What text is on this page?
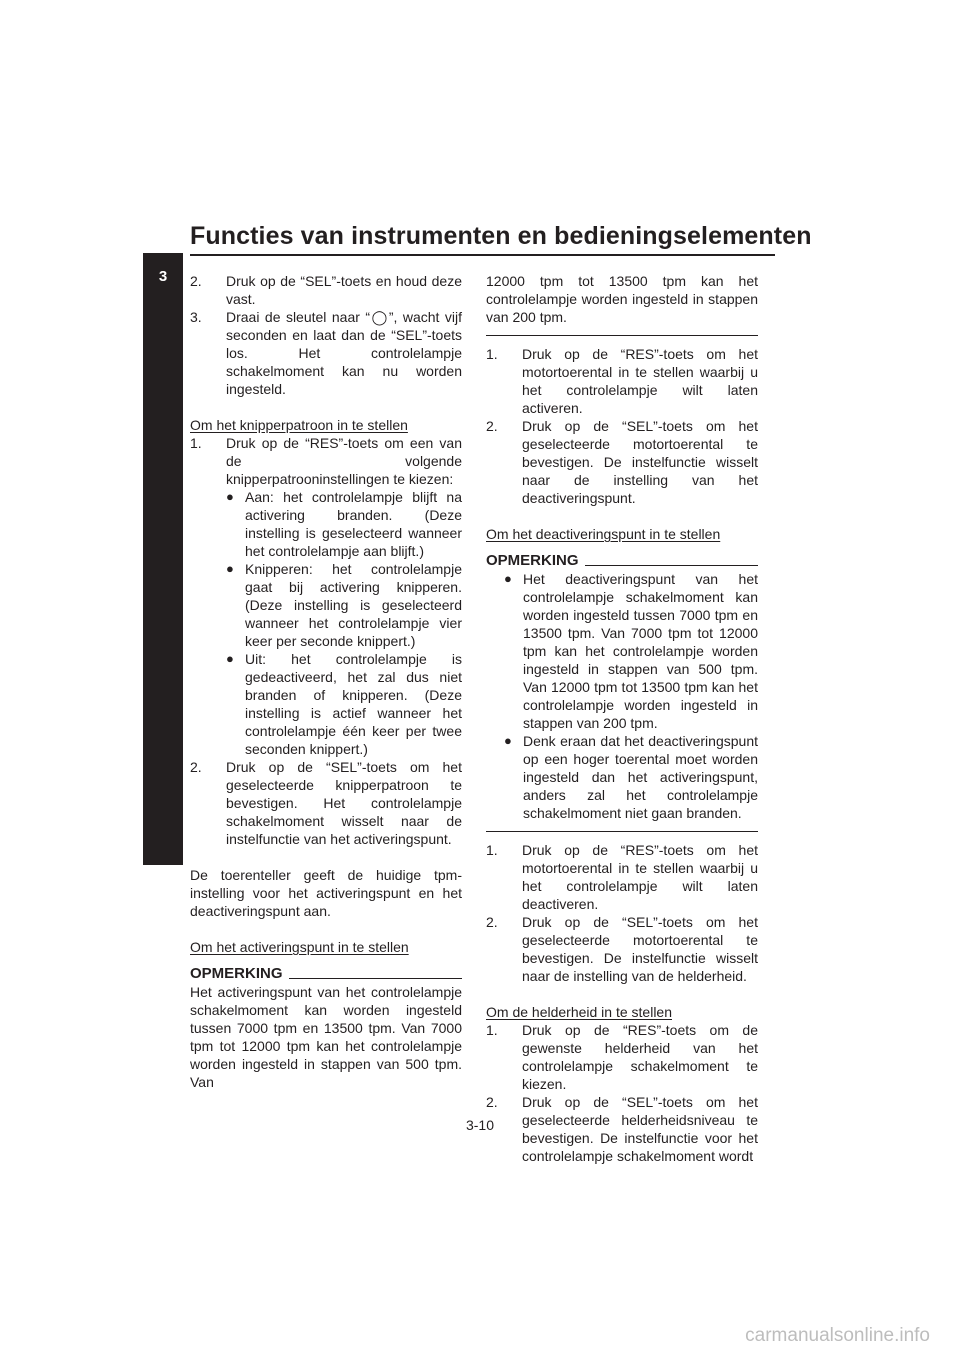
Functies van instrumenten en bedieningselementen
3	2.	Druk op de “SEL”-toets en houd deze vast.
3.	Draai de sleutel naar “◯”, wacht vijf seconden en laat dan de “SEL”-toets los. Het controlelampje schakelmoment kan nu worden ingesteld.
Om het knipperpatroon in te stellen
1.	Druk op de “RES”-toets om een van de volgende knipperpatrooninstellingen te kiezen:
● Aan: het controlelampje blijft na activering branden. (Deze instelling is geselecteerd wanneer het controlelampje aan blijft.)
● Knipperen: het controlelampje gaat bij activering knipperen. (Deze instelling is geselecteerd wanneer het controlelampje vier keer per seconde knippert.)
● Uit: het controlelampje is gedeactiveerd, het zal dus niet branden of knipperen. (Deze instelling is actief wanneer het controlelampje één keer per twee seconden knippert.)
2.	Druk op de “SEL”-toets om het geselecteerde knipperpatroon te bevestigen. Het controlelampje schakelmoment wisselt naar de instelfunctie van het activeringspunt.

De toerenteller geeft de huidige tpm-instelling voor het activeringspunt en het deactiveringspunt aan.

Om het activeringspunt in te stellen
OPMERKING

Het activeringspunt van het controlelampje schakelmoment kan worden ingesteld tussen 7000 tpm en 13500 tpm. Van 7000 tpm tot 12000 tpm kan het controlelampje worden ingesteld in stappen van 500 tpm. Van

12000 tpm tot 13500 tpm kan het controlelampje worden ingesteld in stappen van 200 tpm.

1.	Druk op de “RES”-toets om het motortoerental in te stellen waarbij u het controlelampje wilt laten activeren.
2.	Druk op de “SEL”-toets om het geselecteerde motortoerental te bevestigen. De instelfunctie wisselt naar de instelling van het deactiveringspunt.
Om het deactiveringspunt in te stellen
OPMERKING
● Het deactiveringspunt van het controlelampje schakelmoment kan worden ingesteld tussen 7000 tpm en 13500 tpm. Van 7000 tpm tot 12000 tpm kan het controlelampje worden ingesteld in stappen van 500 tpm. Van 12000 tpm tot 13500 tpm kan het controlelampje worden ingesteld in stappen van 200 tpm.
● Denk eraan dat het deactiveringspunt op een hoger toerental moet worden ingesteld dan het activeringspunt, anders zal het controlelampje schakelmoment niet gaan branden.
1.	Druk op de “RES”-toets om het motortoerental in te stellen waarbij u het controlelampje wilt laten deactiveren.
2.	Druk op de “SEL”-toets om het geselecteerde motortoerental te bevestigen. De instelfunctie wisselt naar de instelling van de helderheid.
Om de helderheid in te stellen
1.	Druk op de “RES”-toets om de gewenste helderheid van het controlelampje schakelmoment te kiezen.
2.	Druk op de “SEL”-toets om het geselecteerde helderheidsniveau te bevestigen. De instelfunctie voor het controlelampje schakelmoment wordt
3-10
carmanualsonline.info
